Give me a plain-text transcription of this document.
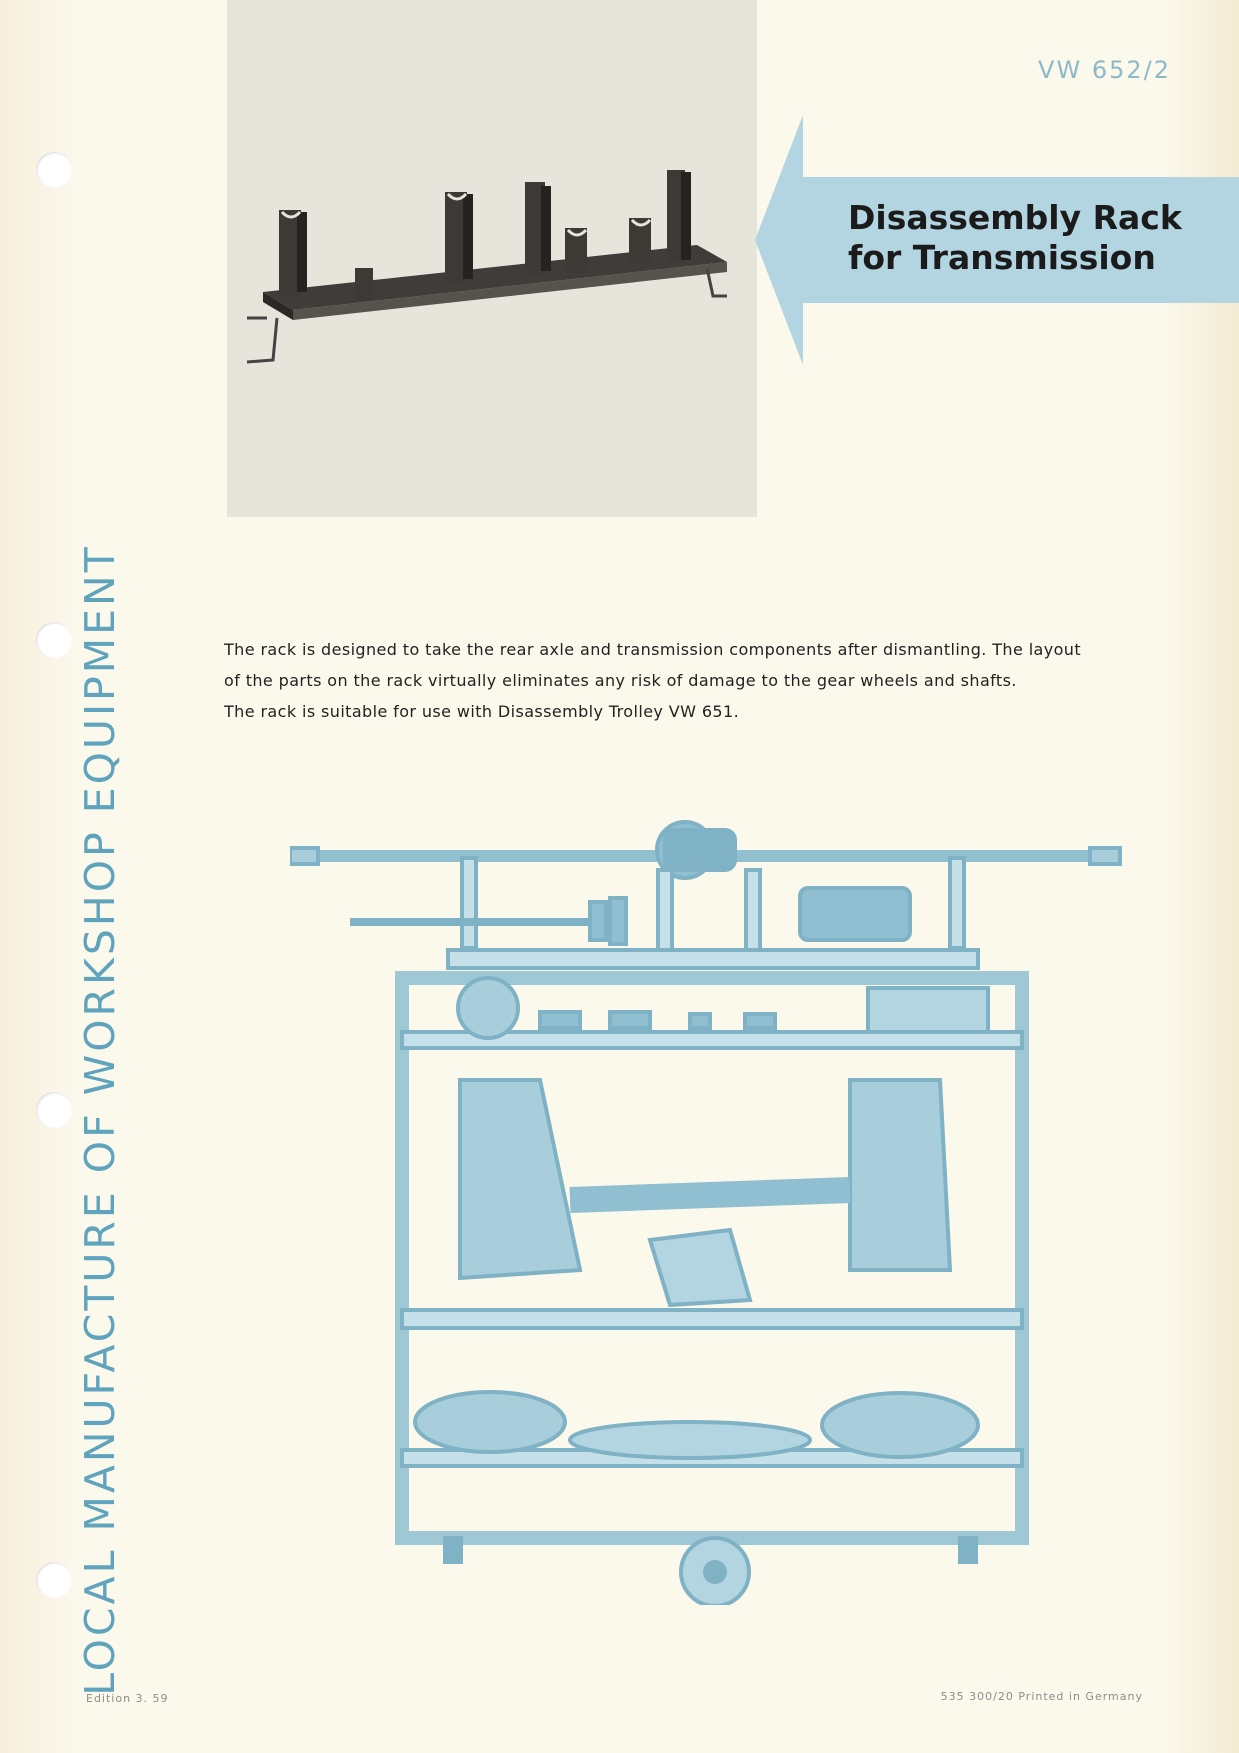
VW 652/2
Disassembly Rack
for Transmission
LOCAL MANUFACTURE OF WORKSHOP EQUIPMENT	The rack is designed to take the rear axle and transmission components after dismantling. The layout

of the parts on the rack virtually eliminates any risk of damage to the gear wheels and shafts.

The rack is suitable for use with Disassembly Trolley VW 651.

Edition 3. 59	535 300/20 Printed in Germany
